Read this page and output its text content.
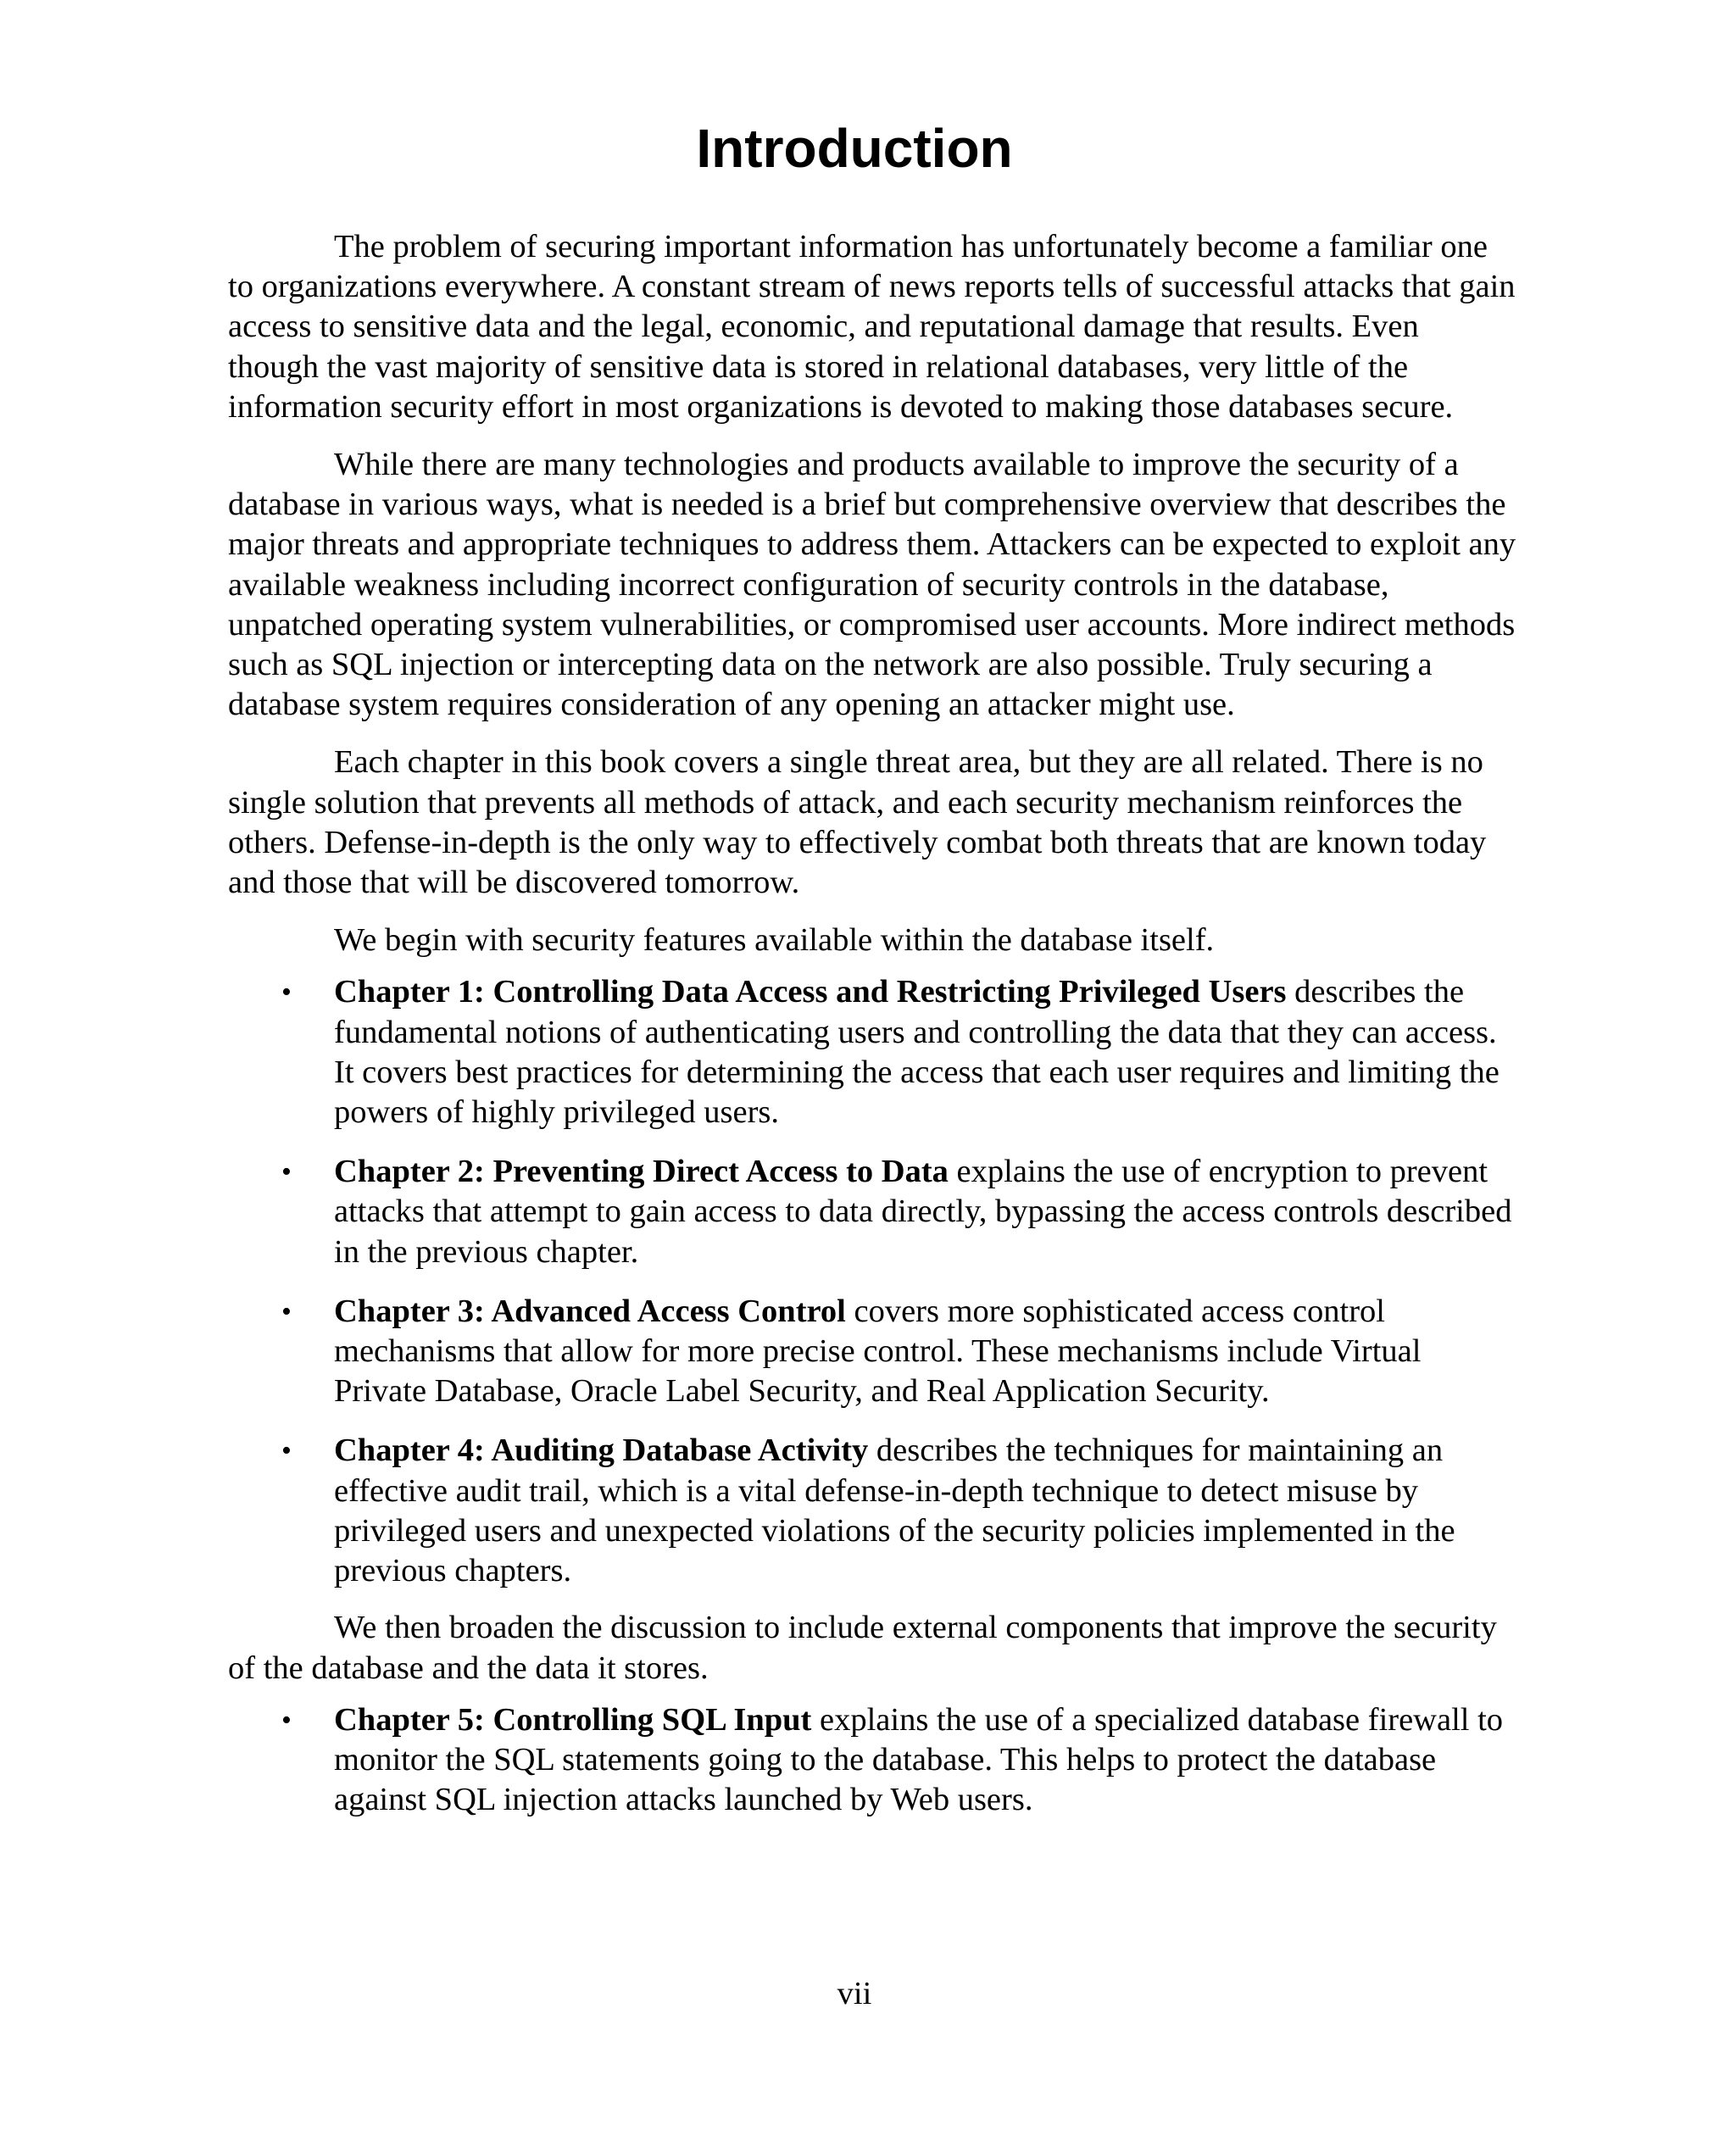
Introduction

The problem of securing important information has unfortunately become a familiar one to organizations everywhere. A constant stream of news reports tells of successful attacks that gain access to sensitive data and the legal, economic, and reputational damage that results. Even though the vast majority of sensitive data is stored in relational databases, very little of the information security effort in most organizations is devoted to making those databases secure.

While there are many technologies and products available to improve the security of a database in various ways, what is needed is a brief but comprehensive overview that describes the major threats and appropriate techniques to address them. Attackers can be expected to exploit any available weakness including incorrect configuration of security controls in the database, unpatched operating system vulnerabilities, or compromised user accounts. More indirect methods such as SQL injection or intercepting data on the network are also possible. Truly securing a database system requires consideration of any opening an attacker might use.

Each chapter in this book covers a single threat area, but they are all related. There is no single solution that prevents all methods of attack, and each security mechanism reinforces the others. Defense-in-depth is the only way to effectively combat both threats that are known today and those that will be discovered tomorrow.

We begin with security features available within the database itself.

• Chapter 1: Controlling Data Access and Restricting Privileged Users describes the fundamental notions of authenticating users and controlling the data that they can access. It covers best practices for determining the access that each user requires and limiting the powers of highly privileged users.
• Chapter 2: Preventing Direct Access to Data explains the use of encryption to prevent attacks that attempt to gain access to data directly, bypassing the access controls described in the previous chapter.
• Chapter 3: Advanced Access Control covers more sophisticated access control mechanisms that allow for more precise control. These mechanisms include Virtual Private Database, Oracle Label Security, and Real Application Security.
• Chapter 4: Auditing Database Activity describes the techniques for maintaining an effective audit trail, which is a vital defense-in-depth technique to detect misuse by privileged users and unexpected violations of the security policies implemented in the previous chapters.

We then broaden the discussion to include external components that improve the security of the database and the data it stores.

• Chapter 5: Controlling SQL Input explains the use of a specialized database firewall to monitor the SQL statements going to the database. This helps to protect the database against SQL injection attacks launched by Web users.
vii
